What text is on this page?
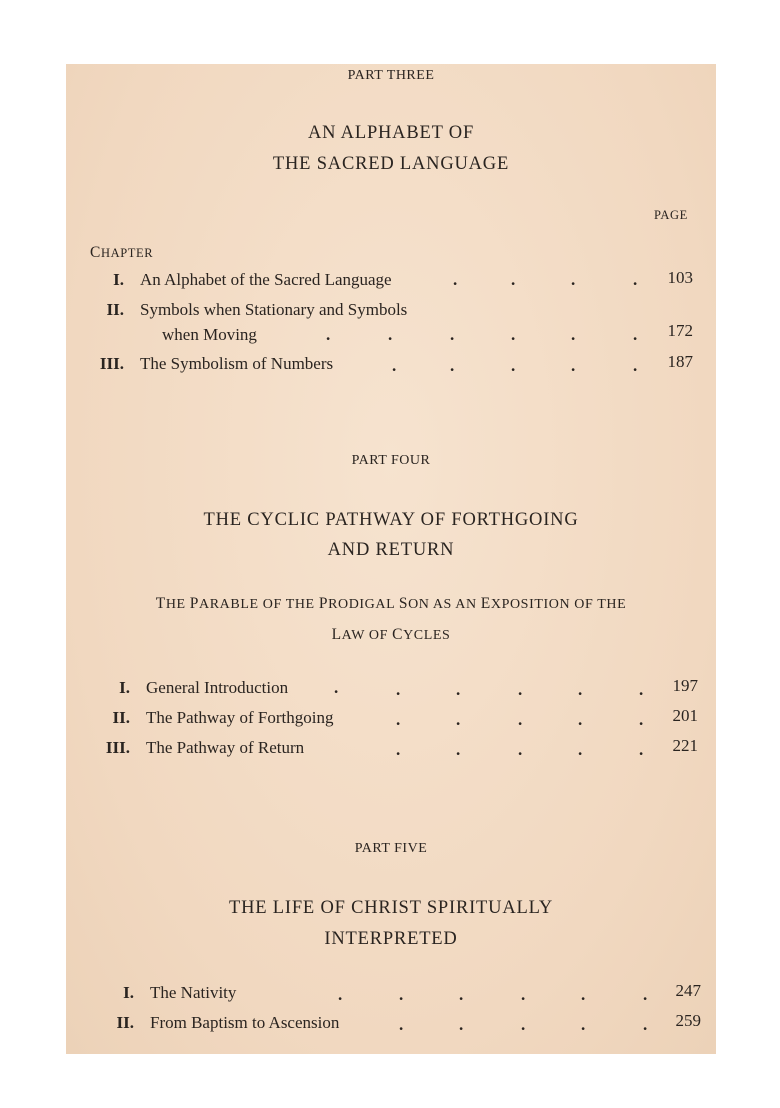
PART THREE
AN ALPHABET OF
THE SACRED LANGUAGE
PAGE
CHAPTER
I. An Alphabet of the Sacred Language	.	.	.	.	103
II. Symbols when Stationary and Symbols
when Moving	.	.	.	.	.	.	172
III. The Symbolism of Numbers	.	.	.	.	.	187
PART FOUR
THE CYCLIC PATHWAY OF FORTHGOING
AND RETURN
THE PARABLE OF THE PRODIGAL SON AS AN EXPOSITION OF THE
LAW OF CYCLES
I. General Introduction	.	.	.	.	.	.	197
II. The Pathway of Forthgoing	.	.	.	.	.	201
III. The Pathway of Return	.	.	.	.	.	221
PART FIVE
THE LIFE OF CHRIST SPIRITUALLY
INTERPRETED
I. The Nativity	.	.	.	.	.	.	247
II. From Baptism to Ascension	.	.	.	.	.	259
